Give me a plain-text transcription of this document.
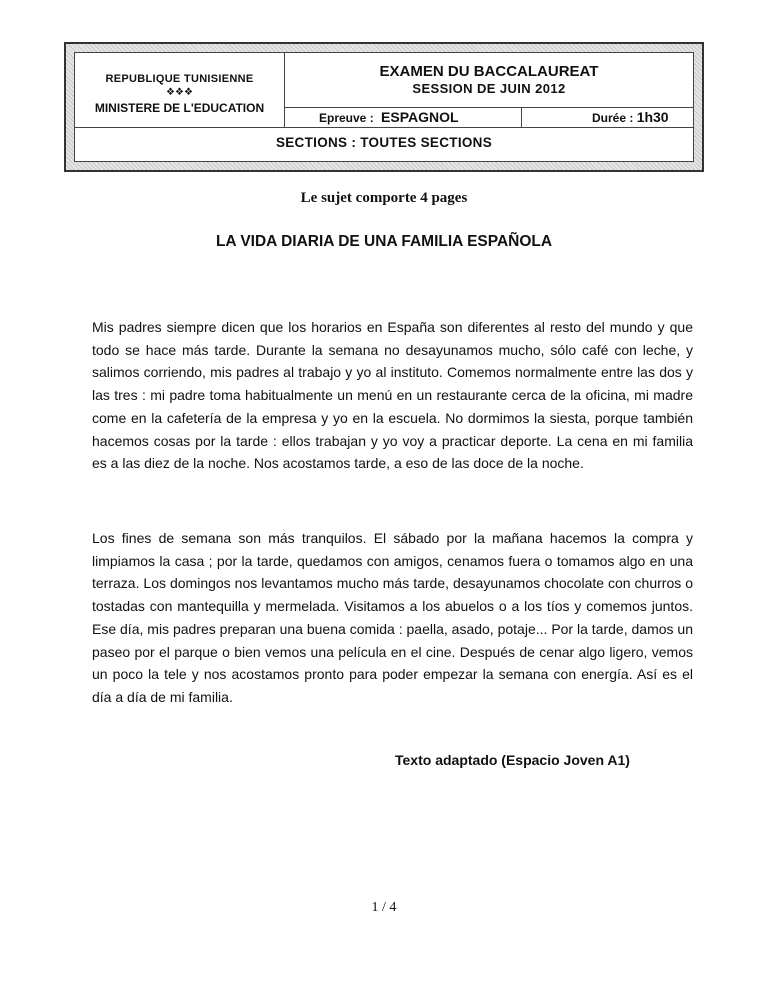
REPUBLIQUE TUNISIENNE
❖❖❖
MINISTERE DE L'EDUCATION
EXAMEN DU BACCALAUREAT
SESSION DE JUIN 2012
Epreuve : ESPAGNOL	Durée : 1h30
SECTIONS : TOUTES SECTIONS
Le sujet comporte 4 pages
LA VIDA DIARIA DE UNA FAMILIA ESPAÑOLA
Mis padres siempre dicen que los horarios en España son diferentes al resto del mundo y que todo se hace más tarde. Durante la semana no desayunamos mucho, sólo café con leche, y salimos corriendo, mis padres al trabajo y yo al instituto. Comemos normalmente entre las dos y las tres : mi padre toma habitualmente un menú en un restaurante cerca de la oficina, mi madre come en la cafetería de la empresa y yo en la escuela. No dormimos la siesta, porque también hacemos cosas por la tarde : ellos trabajan y yo voy a practicar deporte. La cena en mi familia es a las diez de la noche. Nos acostamos tarde, a eso de las doce de la noche.
Los fines de semana son más tranquilos. El sábado por la mañana hacemos la compra y limpiamos la casa ; por la tarde, quedamos con amigos, cenamos fuera o tomamos algo en una terraza. Los domingos nos levantamos mucho más tarde, desayunamos chocolate con churros o tostadas con mantequilla y mermelada. Visitamos a los abuelos o a los tíos y comemos juntos. Ese día, mis padres preparan una buena comida : paella, asado, potaje... Por la tarde, damos un paseo por el parque o bien vemos una película en el cine. Después de cenar algo ligero, vemos un poco la tele y nos acostamos pronto para poder empezar la semana con energía. Así es el día a día de mi familia.
Texto adaptado (Espacio Joven A1)
1 / 4
